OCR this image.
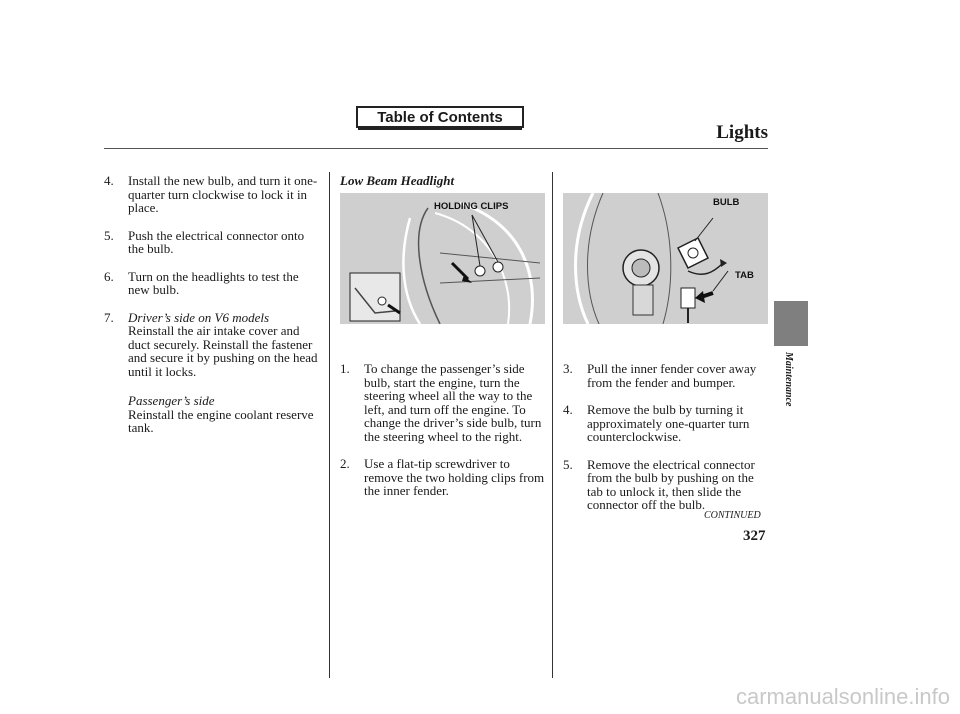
Table of Contents
Lights
4. Install the new bulb, and turn it one-quarter turn clockwise to lock it in place.
5. Push the electrical connector onto the bulb.
6. Turn on the headlights to test the new bulb.
7. Driver’s side on V6 models
Reinstall the air intake cover and duct securely. Reinstall the fastener and secure it by pushing on the head until it locks.
Passenger’s side
Reinstall the engine coolant reserve tank.
Low Beam Headlight
HOLDING CLIPS
1. To change the passenger’s side bulb, start the engine, turn the steering wheel all the way to the left, and turn off the engine. To change the driver’s side bulb, turn the steering wheel to the right.
2. Use a flat-tip screwdriver to remove the two holding clips from the inner fender.
BULB
TAB
3. Pull the inner fender cover away from the fender and bumper.
4. Remove the bulb by turning it approximately one-quarter turn counterclockwise.
5. Remove the electrical connector from the bulb by pushing on the tab to unlock it, then slide the connector off the bulb.
CONTINUED
Maintenance
327
carmanualsonline.info
